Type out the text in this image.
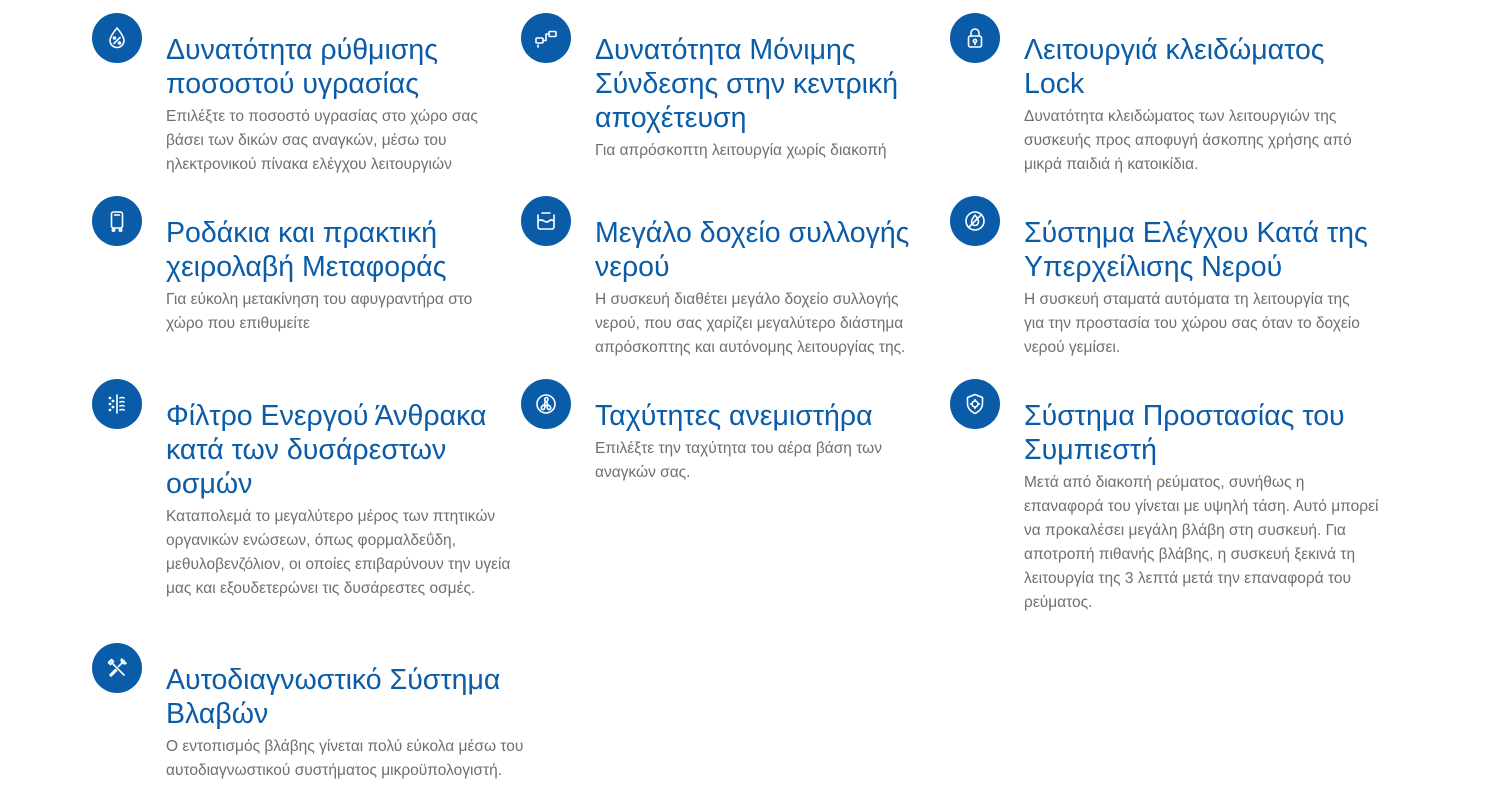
Δυνατότητα ρύθμισης ποσοστού υγρασίας

Επιλέξτε το ποσοστό υγρασίας στο χώρο σας βάσει των δικών σας αναγκών, μέσω του ηλεκτρονικού πίνακα ελέγχου λειτουργιών

Δυνατότητα Μόνιμης Σύνδεσης στην κεντρική αποχέτευση

Για απρόσκοπτη λειτουργία χωρίς διακοπή

Λειτουργιά κλειδώματος Lock

Δυνατότητα κλειδώματος των λειτουργιών της συσκευής προς αποφυγή άσκοπης χρήσης από μικρά παιδιά ή κατοικίδια.

Ροδάκια και πρακτική χειρολαβή Μεταφοράς

Για εύκολη μετακίνηση του αφυγραντήρα στο χώρο που επιθυμείτε

Μεγάλο δοχείο συλλογής νερού

Η συσκευή διαθέτει μεγάλο δοχείο συλλογής νερού, που σας χαρίζει μεγαλύτερο διάστημα απρόσκοπτης και αυτόνομης λειτουργίας της.

Σύστημα Ελέγχου Κατά της Υπερχείλισης Νερού

Η συσκευή σταματά αυτόματα τη λειτουργία της για την προστασία του χώρου σας όταν το δοχείο νερού γεμίσει.

Φίλτρο Ενεργού Άνθρακα κατά των δυσάρεστων οσμών

Καταπολεμά το μεγαλύτερο μέρος των πτητικών οργανικών ενώσεων, όπως φορμαλδεΰδη, μεθυλοβενζόλιον, οι οποίες επιβαρύνουν την υγεία μας και εξουδετερώνει τις δυσάρεστες οσμές.

Ταχύτητες ανεμιστήρα

Επιλέξτε την ταχύτητα του αέρα βάση των αναγκών σας.

Σύστημα Προστασίας του Συμπιεστή

Μετά από διακοπή ρεύματος, συνήθως η επαναφορά του γίνεται με υψηλή τάση. Αυτό μπορεί να προκαλέσει μεγάλη βλάβη στη συσκευή. Για αποτροπή πιθανής βλάβης, η συσκευή ξεκινά τη λειτουργία της 3 λεπτά μετά την επαναφορά του ρεύματος.

Αυτοδιαγνωστικό Σύστημα Βλαβών

Ο εντοπισμός βλάβης γίνεται πολύ εύκολα μέσω του αυτοδιαγνωστικού συστήματος μικροϋπολογιστή.
